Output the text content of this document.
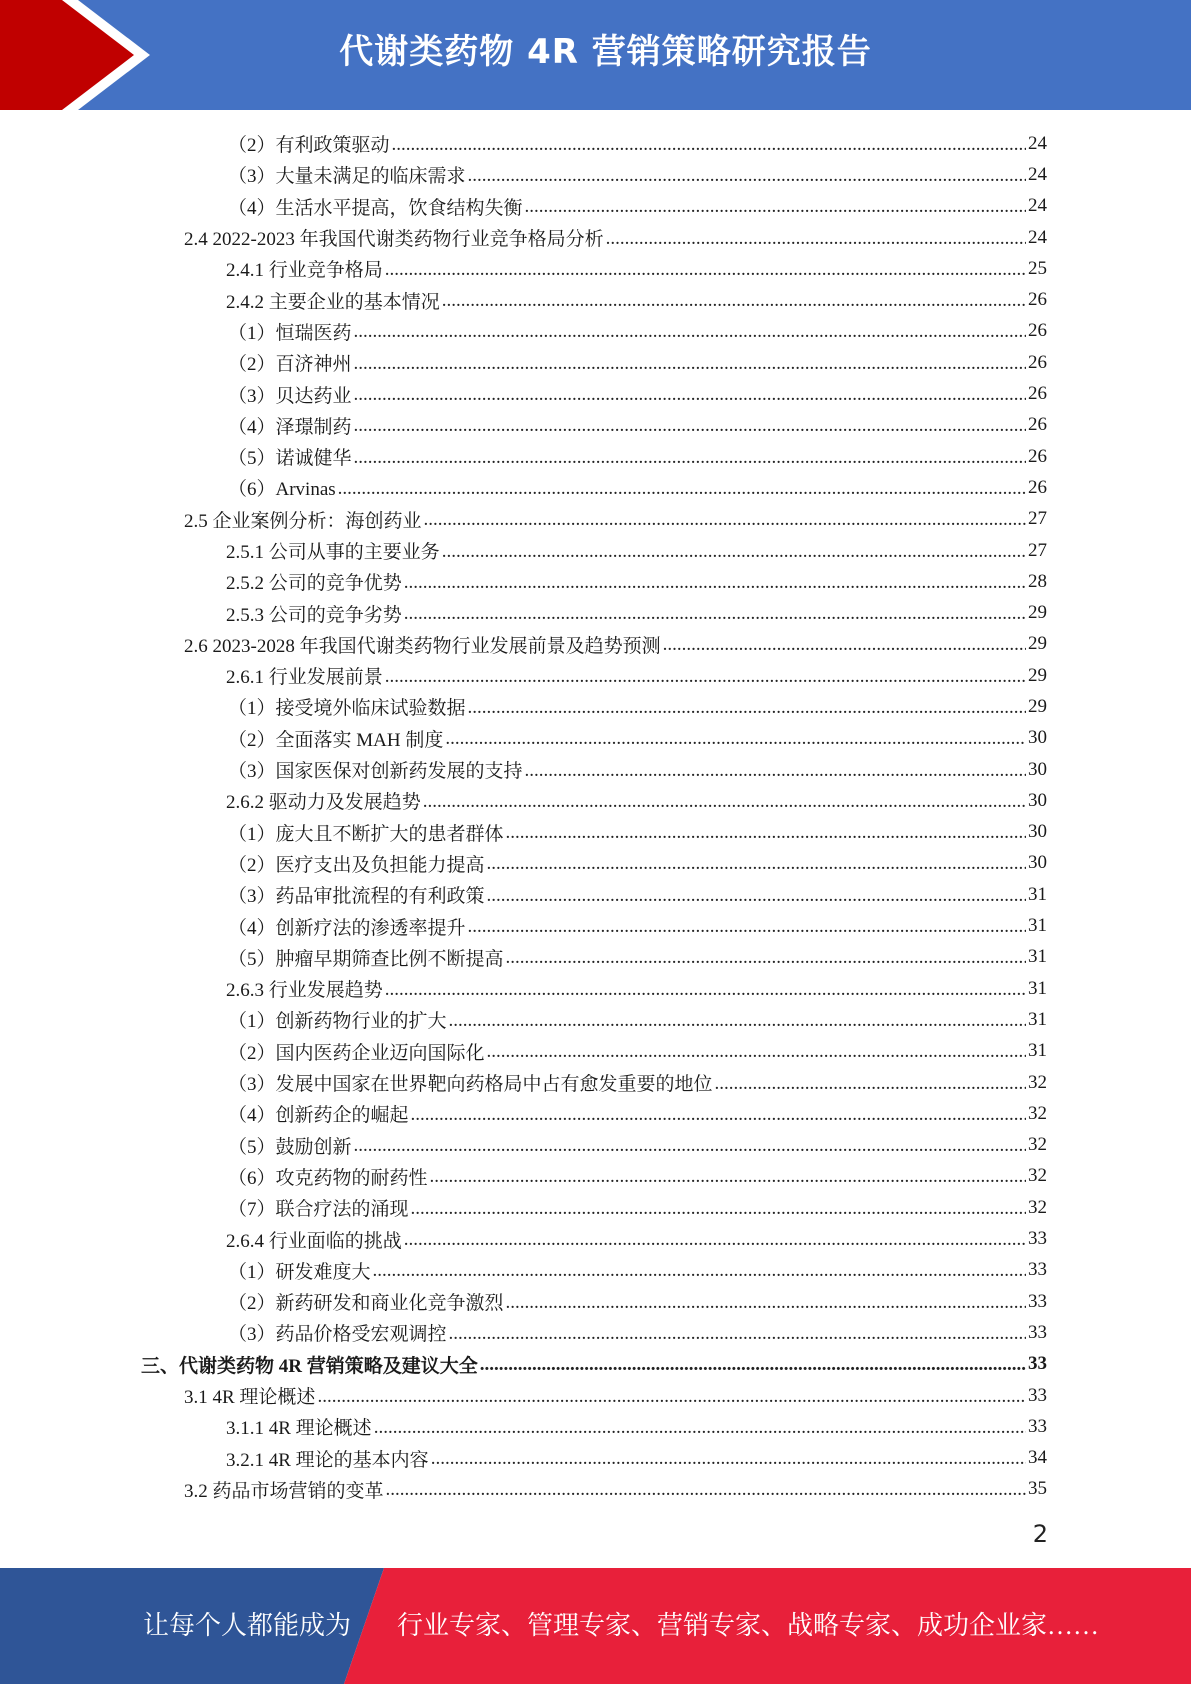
代谢类药物 4R 营销策略研究报告
（2）有利政策驱动 .....	24
（3）大量未满足的临床需求 .....	24
（4）生活水平提高，饮食结构失衡 .....	24
2.4 2022-2023 年我国代谢类药物行业竞争格局分析 .....	24
2.4.1 行业竞争格局 .....	25
2.4.2 主要企业的基本情况 .....	26
（1）恒瑞医药 .....	26
（2）百济神州 .....	26
（3）贝达药业 .....	26
（4）泽璟制药 .....	26
（5）诺诚健华 .....	26
（6）Arvinas .....	26
2.5 企业案例分析：海创药业 .....	27
2.5.1 公司从事的主要业务 .....	27
2.5.2 公司的竞争优势 .....	28
2.5.3 公司的竞争劣势 .....	29
2.6 2023-2028 年我国代谢类药物行业发展前景及趋势预测 .....	29
2.6.1 行业发展前景 .....	29
（1）接受境外临床试验数据 .....	29
（2）全面落实 MAH 制度 .....	30
（3）国家医保对创新药发展的支持 .....	30
2.6.2 驱动力及发展趋势 .....	30
（1）庞大且不断扩大的患者群体 .....	30
（2）医疗支出及负担能力提高 .....	30
（3）药品审批流程的有利政策 .....	31
（4）创新疗法的渗透率提升 .....	31
（5）肿瘤早期筛查比例不断提高 .....	31
2.6.3 行业发展趋势 .....	31
（1）创新药物行业的扩大 .....	31
（2）国内医药企业迈向国际化 .....	31
（3）发展中国家在世界靶向药格局中占有愈发重要的地位 .....	32
（4）创新药企的崛起 .....	32
（5）鼓励创新 .....	32
（6）攻克药物的耐药性 .....	32
（7）联合疗法的涌现 .....	32
2.6.4 行业面临的挑战 .....	33
（1）研发难度大 .....	33
（2）新药研发和商业化竞争激烈 .....	33
（3）药品价格受宏观调控 .....	33
三、代谢类药物 4R 营销策略及建议大全 .....	33
3.1 4R 理论概述 .....	33
3.1.1 4R 理论概述 .....	33
3.2.1 4R 理论的基本内容 .....	34
3.2 药品市场营销的变革 .....	35
2
让每个人都能成为 行业专家、管理专家、营销专家、战略专家、成功企业家……
